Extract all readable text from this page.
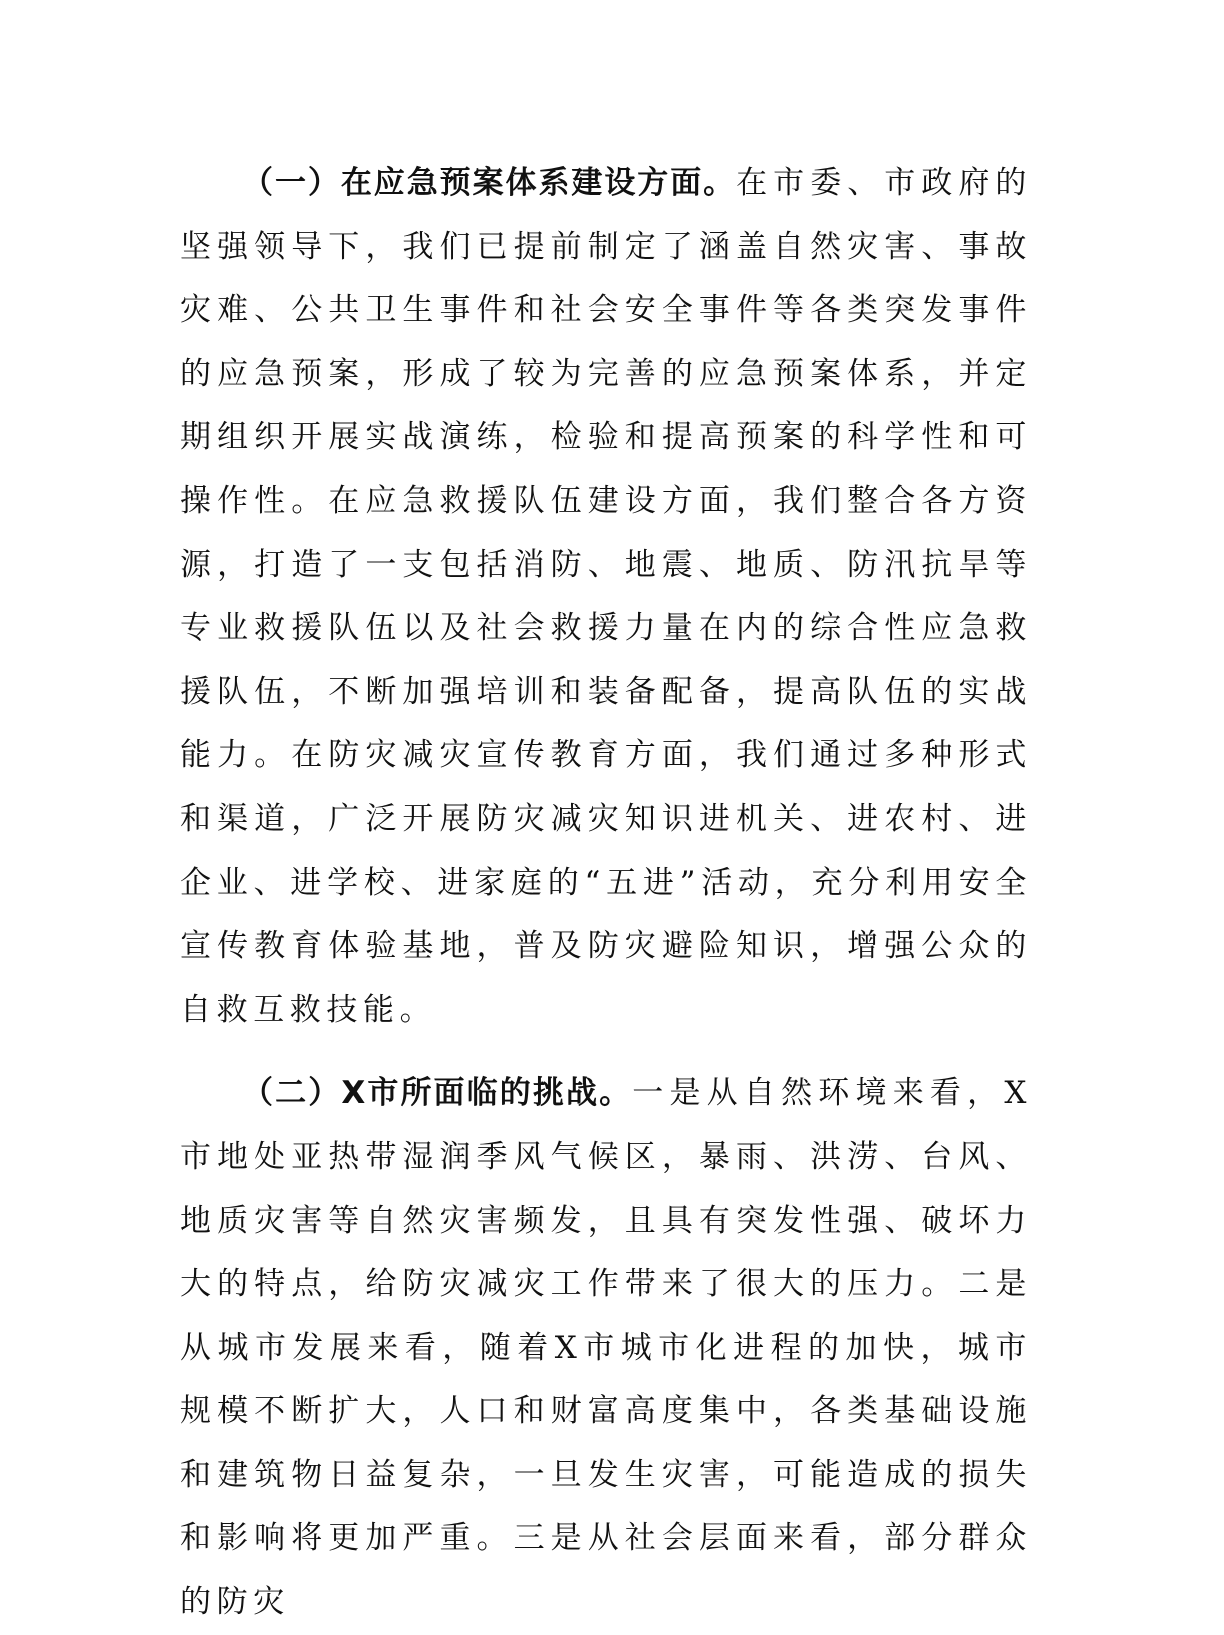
（一）在应急预案体系建设方面。在市委、市政府的坚强领导下，我们已提前制定了涵盖自然灾害、事故灾难、公共卫生事件和社会安全事件等各类突发事件的应急预案，形成了较为完善的应急预案体系，并定期组织开展实战演练，检验和提高预案的科学性和可操作性。在应急救援队伍建设方面，我们整合各方资源，打造了一支包括消防、地震、地质、防汛抗旱等专业救援队伍以及社会救援力量在内的综合性应急救援队伍，不断加强培训和装备配备，提高队伍的实战能力。在防灾减灾宣传教育方面，我们通过多种形式和渠道，广泛开展防灾减灾知识进机关、进农村、进企业、进学校、进家庭的“五进”活动，充分利用安全宣传教育体验基地，普及防灾避险知识，增强公众的自救互救技能。

（二）X市所面临的挑战。一是从自然环境来看，X市地处亚热带湿润季风气候区，暴雨、洪涝、台风、地质灾害等自然灾害频发，且具有突发性强、破坏力大的特点，给防灾减灾工作带来了很大的压力。二是从城市发展来看，随着X市城市化进程的加快，城市规模不断扩大，人口和财富高度集中，各类基础设施和建筑物日益复杂，一旦发生灾害，可能造成的损失和影响将更加严重。三是从社会层面来看，部分群众的防灾
